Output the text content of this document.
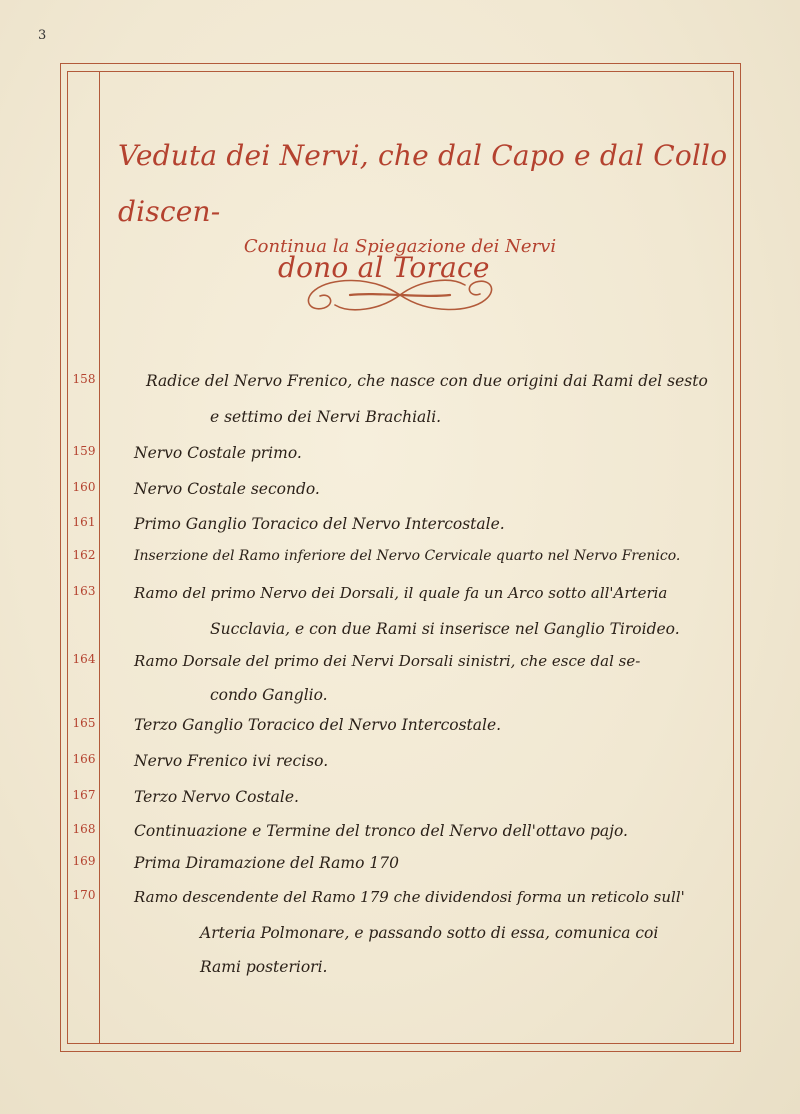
3
Veduta dei Nervi, che dal Capo e dal Collo discen-
dono al Torace
Continua la Spiegazione dei Nervi
158	Radice del Nervo Frenico, che nasce con due origini dai Rami del sesto
e settimo dei Nervi Brachiali.
159 Nervo Costale primo.
160 Nervo Costale secondo.
161 Primo Ganglio Toracico del Nervo Intercostale.
162	Inserzione del Ramo inferiore del Nervo Cervicale quarto nel Nervo Frenico.
163	Ramo del primo Nervo dei Dorsali, il quale fa un Arco sotto all'Arteria
Succlavia, e con due Rami si inserisce nel Ganglio Tiroideo.
164	Ramo Dorsale del primo dei Nervi Dorsali sinistri, che esce dal se-
condo Ganglio.
165 Terzo Ganglio Toracico del Nervo Intercostale.
166 Nervo Frenico ivi reciso.
167 Terzo Nervo Costale.
168 Continuazione e Termine del tronco del Nervo dell'ottavo pajo.
169 Prima Diramazione del Ramo 170
170	Ramo descendente del Ramo 179 che dividendosi forma un reticolo sull'
Arteria Polmonare, e passando sotto di essa, comunica coi
Rami posteriori.
